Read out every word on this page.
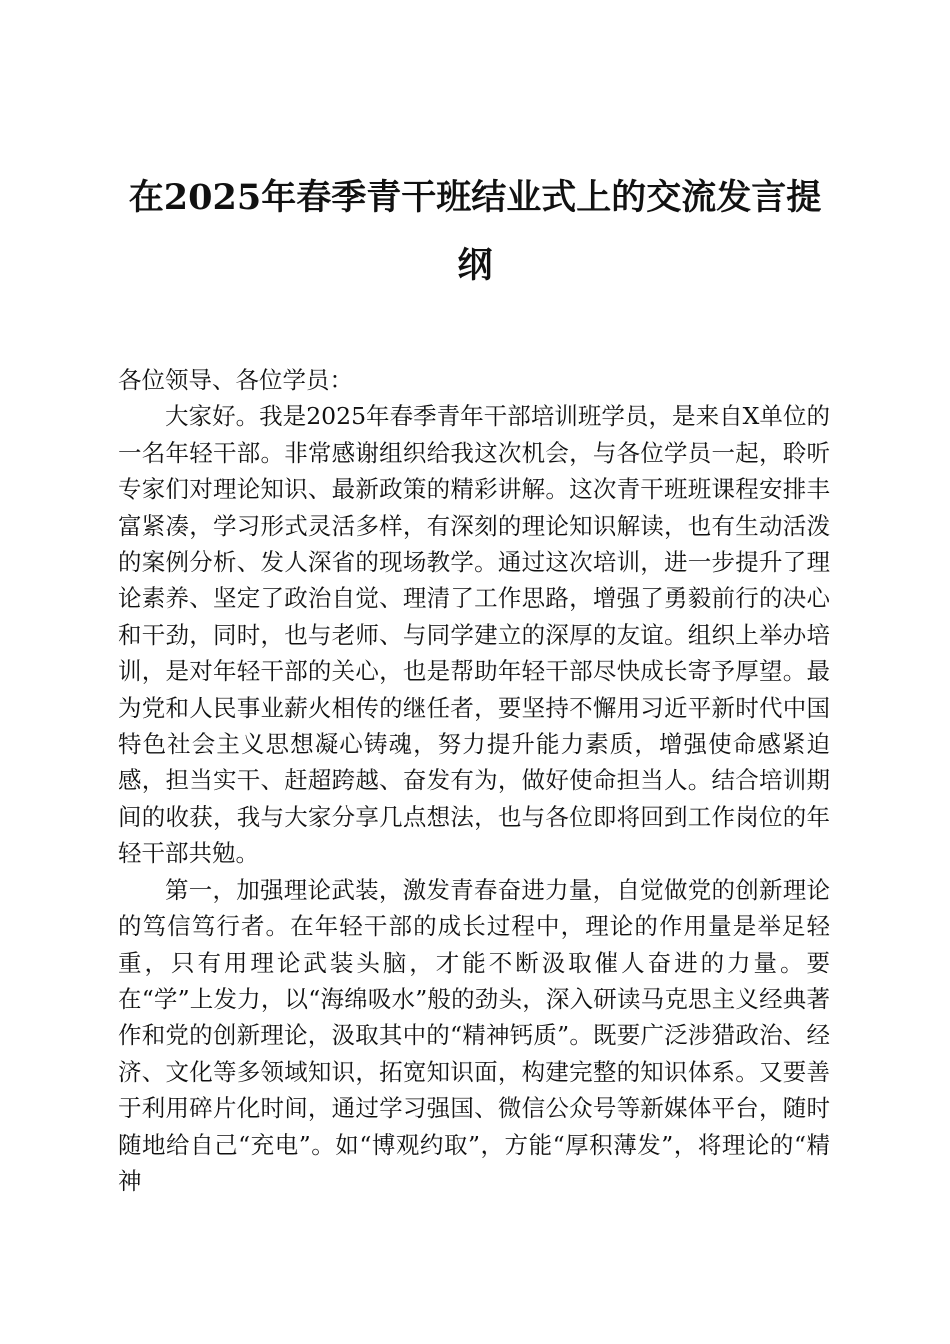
在2025年春季青干班结业式上的交流发言提纲

各位领导、各位学员：

大家好。我是2025年春季青年干部培训班学员，是来自X单位的一名年轻干部。非常感谢组织给我这次机会，与各位学员一起，聆听专家们对理论知识、最新政策的精彩讲解。这次青干班班课程安排丰富紧凑，学习形式灵活多样，有深刻的理论知识解读，也有生动活泼的案例分析、发人深省的现场教学。通过这次培训，进一步提升了理论素养、坚定了政治自觉、理清了工作思路，增强了勇毅前行的决心和干劲，同时，也与老师、与同学建立的深厚的友谊。组织上举办培训，是对年轻干部的关心，也是帮助年轻干部尽快成长寄予厚望。最为党和人民事业薪火相传的继任者，要坚持不懈用习近平新时代中国特色社会主义思想凝心铸魂，努力提升能力素质，增强使命感紧迫感，担当实干、赶超跨越、奋发有为，做好使命担当人。结合培训期间的收获，我与大家分享几点想法，也与各位即将回到工作岗位的年轻干部共勉。

第一，加强理论武装，激发青春奋进力量，自觉做党的创新理论的笃信笃行者。在年轻干部的成长过程中，理论的作用量是举足轻重，只有用理论武装头脑，才能不断汲取催人奋进的力量。要在“学”上发力，以“海绵吸水”般的劲头，深入研读马克思主义经典著作和党的创新理论，汲取其中的“精神钙质”。既要广泛涉猎政治、经济、文化等多领域知识，拓宽知识面，构建完整的知识体系。又要善于利用碎片化时间，通过学习强国、微信公众号等新媒体平台，随时随地给自己“充电”。如“博观约取”，方能“厚积薄发”，将理论的“精神
